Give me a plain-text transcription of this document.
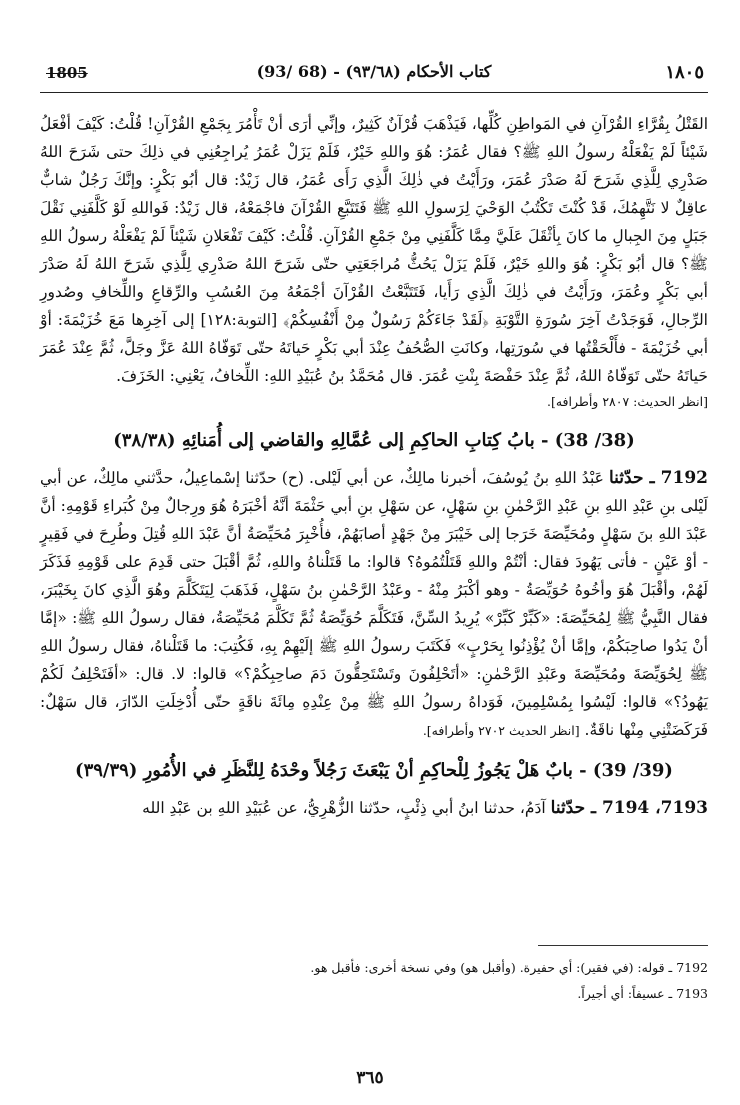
1805	(93/ 68) - كتاب الأحكام (٩٣/٦٨)	١٨٠٥

القَتْلُ بِقُرَّاءِ القُرْآنِ في المَواطِنِ كُلِّها، فَيَذْهَبَ قُرْآنٌ كَثِيرٌ، وإنِّي أرَى أنْ تَأْمُرَ بِجَمْعِ القُرْآنِ! قُلْتُ: كَيْفَ أفْعَلُ شَيْئاً لَمْ يَفْعَلْهُ رسولُ اللهِ ﷺ؟ فقال عُمَرُ: هُوَ واللهِ خَيْرٌ، فَلَمْ يَزَلْ عُمَرُ يُراجِعُنِي في ذلِكَ حتى شَرَحَ اللهُ صَدْرِي لِلَّذِي شَرَحَ لَهُ صَدْرَ عُمَرَ، ورَأَيْتُ في ذٰلِكَ الَّذِي رَأَى عُمَرُ، قال زَيْدٌ: قال أبُو بَكْرٍ: وإنَّكَ رَجُلٌ شابٌّ عاقِلٌ لا نَتَّهِمُكَ، قَدْ كُنْتَ تَكْتُبُ الوَحْيَ لِرَسولِ اللهِ ﷺ فَتَتَبَّعِ القُرْآنَ فاجْمَعْهُ، قال زَيْدٌ: فَواللهِ لَوْ كَلَّفَنِي نَقْلَ جَبَلٍ مِنَ الجِبالِ ما كانَ بِأثْقَلَ عَلَيَّ مِمَّا كَلَّفَنِي مِنْ جَمْعِ القُرْآنِ. قُلْتُ: كَيْفَ تَفْعَلانِ شَيْئاً لَمْ يَفْعَلْهُ رسولُ اللهِ ﷺ؟ قال أبُو بَكْرٍ: هُوَ واللهِ خَيْرٌ، فَلَمْ يَزَلْ يَحُثُّ مُراجَعَتِي حتّى شَرَحَ اللهُ صَدْرِي لِلَّذِي شَرَحَ اللهُ لَهُ صَدْرَ أبي بَكْرٍ وعُمَرَ، ورَأَيْتُ في ذٰلِكَ الَّذِي رَأَيا، فَتَتَبَّعْتُ القُرْآنَ أجْمَعُهُ مِنَ العُسُبِ والرِّقاعِ واللِّخافِ وصُدورِ الرِّجالِ، فَوَجَدْتُ آخِرَ سُورَةِ التَّوْبَةِ ﴿لَقَدْ جَاءَكُمْ رَسُولٌ مِنْ أَنْفُسِكُمْ﴾ [التوبة:١٢٨] إلى آخِرِها مَعَ خُزَيْمَةَ: أوْ أبي خُزَيْمَةَ - فأَلْحَقْتُها في سُورَتِها، وكانَتِ الصُّحُفُ عِنْدَ أبي بَكْرٍ حَياتَهُ حتّى تَوَفّاهُ اللهُ عَزَّ وجَلَّ، ثُمَّ عِنْدَ عُمَرَ حَياتَهُ حتّى تَوَفّاهُ اللهُ، ثُمَّ عِنْدَ حَفْصَةَ بِنْتِ عُمَرَ. قال مُحَمَّدُ بنُ عُبَيْدِ اللهِ: اللِّخافُ، يَعْنِي: الخَزَفَ.

[انظر الحديث: ٢٨٠٧ وأطرافه].

(38/ 38) - بابُ كِتابِ الحاكِمِ إلى عُمَّالِهِ والقاضي إلى أُمَنائِهِ (٣٨/٣٨)

7192 ـ حدّثنا عَبْدُ اللهِ بنُ يُوسُفَ، أخبرنا مالِكٌ، عن أبي لَيْلى. (ح) حدّثنا إسْماعِيلُ، حدَّثني مالِكٌ، عن أبي لَيْلى بنِ عَبْدِ اللهِ بنِ عَبْدِ الرَّحْمٰنِ بنِ سَهْلٍ، عن سَهْلِ بنِ أبي حَثْمَةَ أنَّهُ أخْبَرَهُ هُوَ ورِجالٌ مِنْ كُبَراءِ قَوْمِهِ: أنَّ عَبْدَ اللهِ بنَ سَهْلٍ ومُحَيِّصَةَ خَرَجا إلى خَيْبَرَ مِنْ جَهْدٍ أصابَهُمْ، فأُخْبِرَ مُحَيِّصَةُ أنَّ عَبْدَ اللهِ قُتِلَ وطُرِحَ في فَقِيرٍ - أوْ عَيْنٍ - فأتى يَهُودَ فقال: أنْتُمْ واللهِ قَتَلْتُمُوهُ؟ قالوا: ما قَتَلْناهُ واللهِ، ثُمَّ أقْبَلَ حتى قَدِمَ على قَوْمِهِ فَذَكَرَ لَهُمْ، وأقْبَلَ هُوَ وأخُوهُ حُوَيِّصَةُ - وهو أكْبَرُ مِنْهُ - وعَبْدُ الرَّحْمٰنِ بنُ سَهْلٍ، فَذَهَبَ لِيَتَكَلَّمَ وهُوَ الَّذِي كانَ بِخَيْبَرَ، فقال النَّبِيُّ ﷺ لِمُحَيِّصَةَ: «كَبِّرْ كَبِّرْ» يُرِيدُ السِّنَّ، فَتَكَلَّمَ حُوَيِّصَةُ ثُمَّ تَكَلَّمَ مُحَيِّصَةُ، فقال رسولُ اللهِ ﷺ: «إمَّا أنْ يَدُوا صاحِبَكُمْ، وإمَّا أنْ يُؤْذِنُوا بِحَرْبٍ» فَكَتَبَ رسولُ اللهِ ﷺ إلَيْهِمْ بِهِ، فَكُتِبَ: ما قَتَلْناهُ، فقال رسولُ اللهِ ﷺ لِحُوَيِّصَةَ ومُحَيِّصَةَ وعَبْدِ الرَّحْمٰنِ: «أتَحْلِفُونَ وتَسْتَحِقُّونَ دَمَ صاحِبِكُمْ؟» قالوا: لا. قال: «أفَتَحْلِفُ لَكُمْ يَهُودُ؟» قالوا: لَيْسُوا بِمُسْلِمِينَ، فَوَداهُ رسولُ اللهِ ﷺ مِنْ عِنْدِهِ مِائَةَ ناقَةٍ حتّى أُدْخِلَتِ الدّارَ، قال سَهْلٌ: فَرَكَضَتْنِي مِنْها ناقَةٌ. [انظر الحديث ٢٧٠٢ وأطرافه].

(39/ 39) - بابٌ هَلْ يَجُوزُ لِلْحاكِمِ أنْ يَبْعَثَ رَجُلاً وحْدَهُ لِلنَّظَرِ في الأُمُورِ (٣٩/٣٩)

7193، 7194 ـ حدّثنا آدَمُ، حدثنا ابنُ أبي ذِئْبٍ، حدّثنا الزُّهْرِيُّ، عن عُبَيْدِ اللهِ بن عَبْدِ الله

7192 ـ قوله: (في فقير): أي حفيرة. (وأقبل هو) وفي نسخة أخرى: فأقبل هو.
7193 ـ عسيفاً: أي أجيراً.
٣٦٥
